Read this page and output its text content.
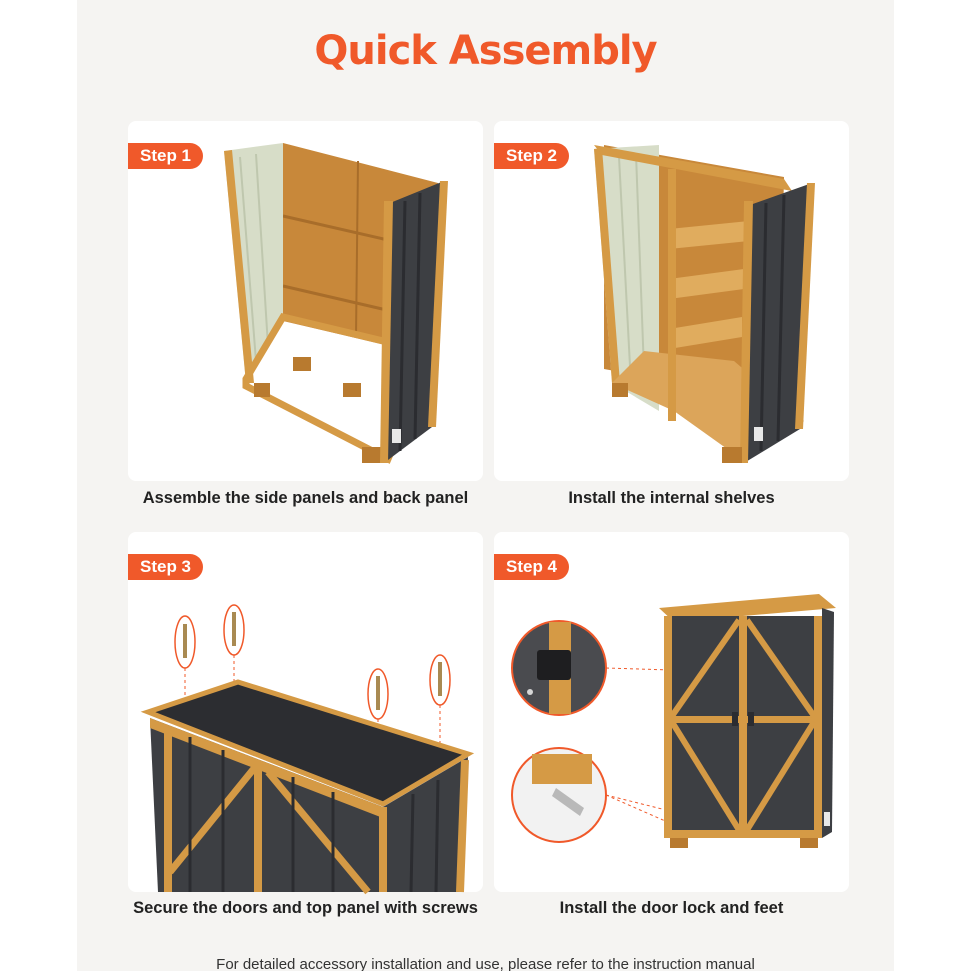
Quick Assembly
Step 1	Step 2
Assemble the side panels and back panel	Install the internal shelves
Step 3	Step 4
Secure the doors and top panel with screws	Install the door lock and feet
For detailed accessory installation and use, please refer to the instruction manual
